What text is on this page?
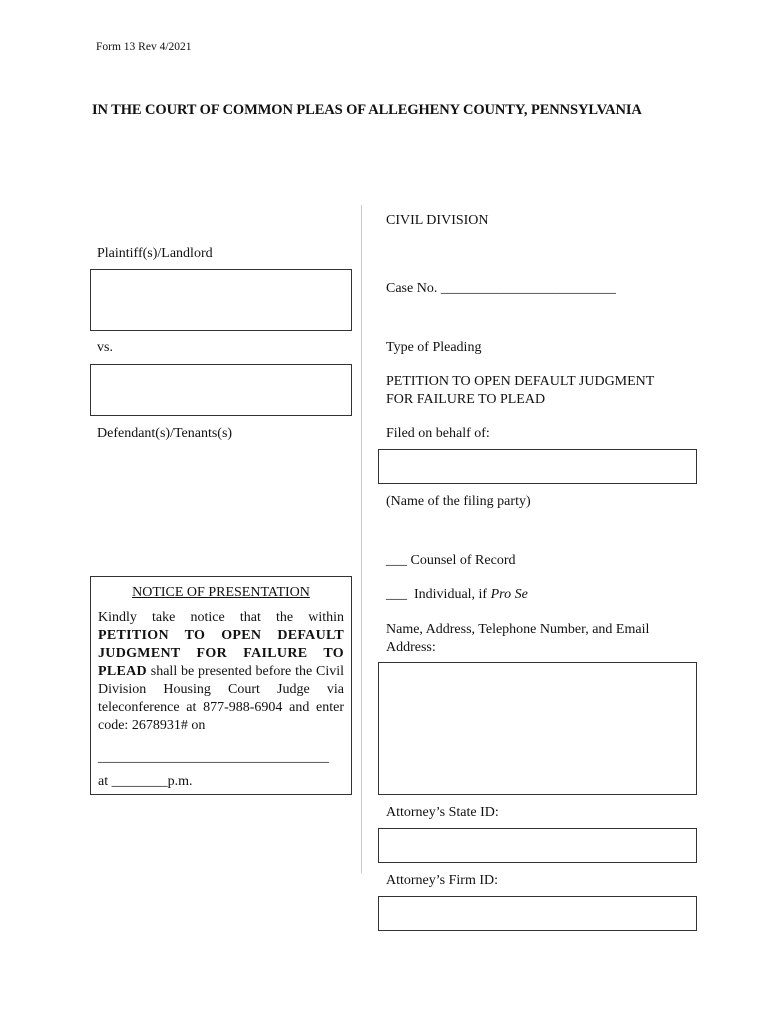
Form 13 Rev 4/2021
IN THE COURT OF COMMON PLEAS OF ALLEGHENY COUNTY, PENNSYLVANIA
Plaintiff(s)/Landlord
vs.
Defendant(s)/Tenants(s)
NOTICE OF PRESENTATION
Kindly take notice that the within PETITION TO OPEN DEFAULT JUDGMENT FOR FAILURE TO PLEAD shall be presented before the Civil Division Housing Court Judge via teleconference at 877-988-6904 and enter code: 2678931# on
_________________________________
at ________p.m.
CIVIL DIVISION
Case No. _________________________
Type of Pleading
PETITION TO OPEN DEFAULT JUDGMENT
FOR FAILURE TO PLEAD
Filed on behalf of:
(Name of the filing party)
___ Counsel of Record
___  Individual, if Pro Se
Name, Address, Telephone Number, and Email Address:
Attorney’s State ID:
Attorney’s Firm ID:
